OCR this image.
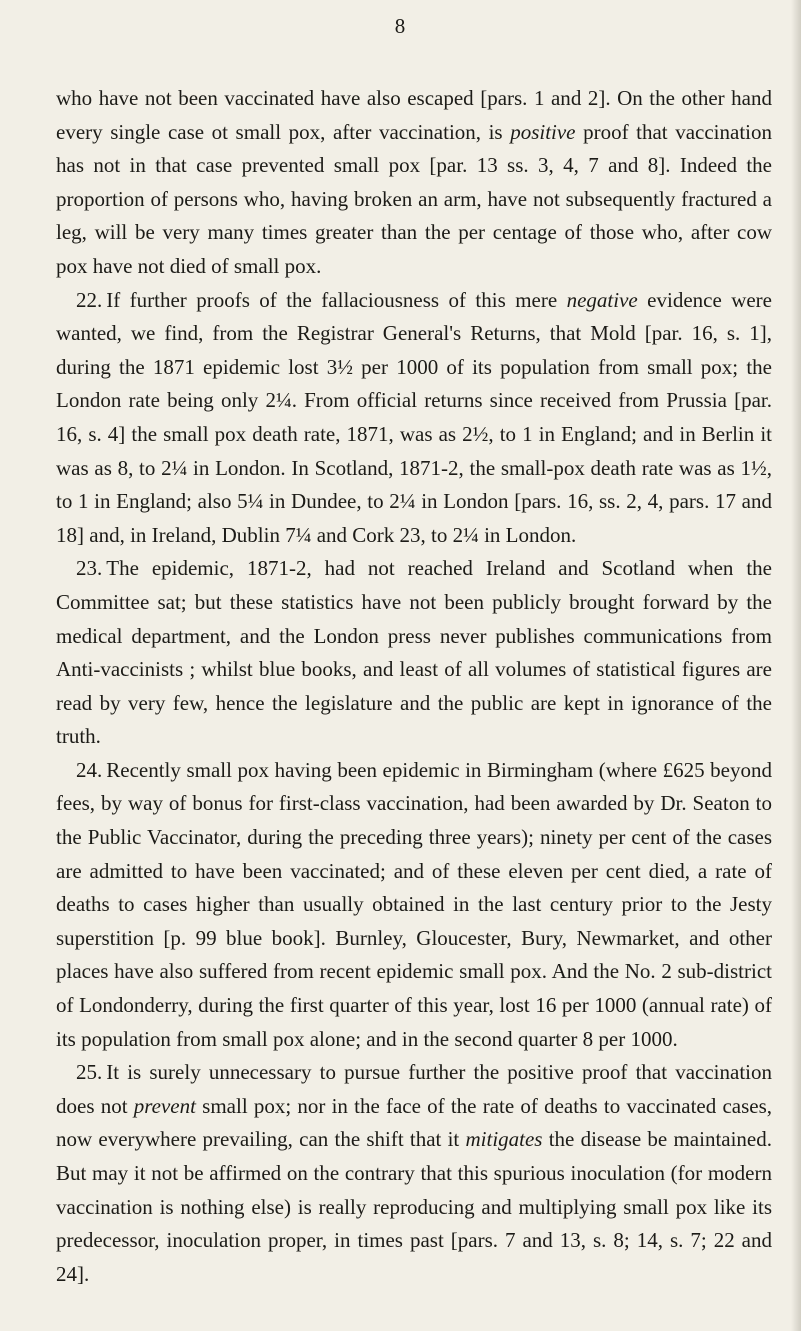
8

who have not been vaccinated have also escaped [pars. 1 and 2]. On the other hand every single case ot small pox, after vaccination, is positive proof that vaccination has not in that case prevented small pox [par. 13 ss. 3, 4, 7 and 8]. Indeed the proportion of persons who, having broken an arm, have not subsequently fractured a leg, will be very many times greater than the per centage of those who, after cow pox have not died of small pox.

22. If further proofs of the fallaciousness of this mere negative evidence were wanted, we find, from the Registrar General's Returns, that Mold [par. 16, s. 1], during the 1871 epidemic lost 3½ per 1000 of its population from small pox; the London rate being only 2¼. From official returns since received from Prussia [par. 16, s. 4] the small pox death rate, 1871, was as 2½, to 1 in England; and in Berlin it was as 8, to 2¼ in London. In Scotland, 1871-2, the small-pox death rate was as 1½, to 1 in England; also 5¼ in Dundee, to 2¼ in London [pars. 16, ss. 2, 4, pars. 17 and 18] and, in Ireland, Dublin 7¼ and Cork 23, to 2¼ in London.

23. The epidemic, 1871-2, had not reached Ireland and Scotland when the Committee sat; but these statistics have not been publicly brought forward by the medical department, and the London press never publishes communications from Anti-vaccinists ; whilst blue books, and least of all volumes of statistical figures are read by very few, hence the legislature and the public are kept in ignorance of the truth.

24. Recently small pox having been epidemic in Birmingham (where £625 beyond fees, by way of bonus for first-class vaccination, had been awarded by Dr. Seaton to the Public Vaccinator, during the preceding three years); ninety per cent of the cases are admitted to have been vaccinated; and of these eleven per cent died, a rate of deaths to cases higher than usually obtained in the last century prior to the Jesty superstition [p. 99 blue book]. Burnley, Gloucester, Bury, Newmarket, and other places have also suffered from recent epidemic small pox. And the No. 2 sub-district of Londonderry, during the first quarter of this year, lost 16 per 1000 (annual rate) of its population from small pox alone; and in the second quarter 8 per 1000.

25. It is surely unnecessary to pursue further the positive proof that vaccination does not prevent small pox; nor in the face of the rate of deaths to vaccinated cases, now everywhere prevailing, can the shift that it mitigates the disease be maintained. But may it not be affirmed on the contrary that this spurious inoculation (for modern vaccination is nothing else) is really reproducing and multiplying small pox like its predecessor, inoculation proper, in times past [pars. 7 and 13, s. 8; 14, s. 7; 22 and 24].
